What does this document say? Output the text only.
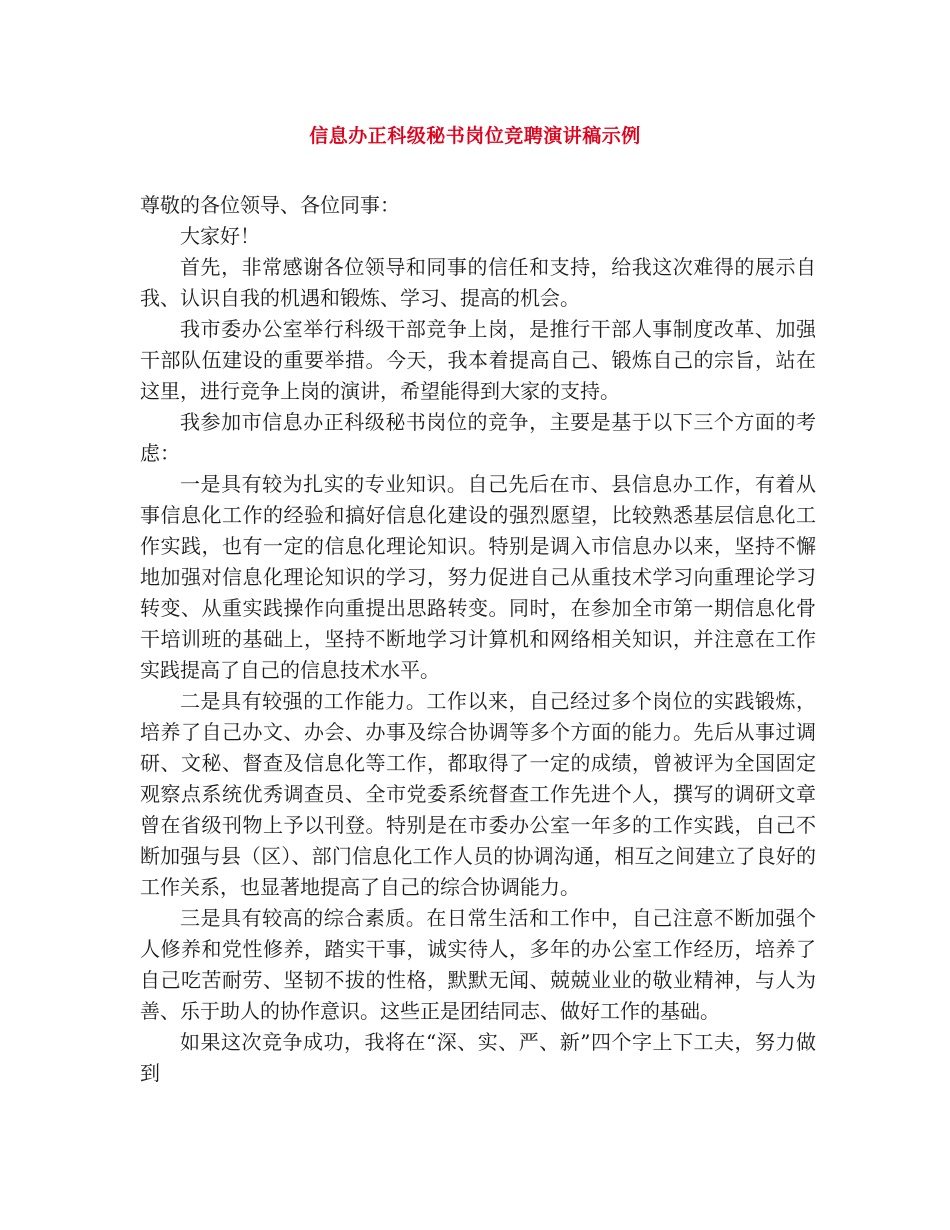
信息办正科级秘书岗位竞聘演讲稿示例

尊敬的各位领导、各位同事：

大家好！

首先，非常感谢各位领导和同事的信任和支持，给我这次难得的展示自我、认识自我的机遇和锻炼、学习、提高的机会。

我市委办公室举行科级干部竞争上岗，是推行干部人事制度改革、加强干部队伍建设的重要举措。今天，我本着提高自己、锻炼自己的宗旨，站在这里，进行竞争上岗的演讲，希望能得到大家的支持。

我参加市信息办正科级秘书岗位的竞争，主要是基于以下三个方面的考虑：

一是具有较为扎实的专业知识。自己先后在市、县信息办工作，有着从事信息化工作的经验和搞好信息化建设的强烈愿望，比较熟悉基层信息化工作实践，也有一定的信息化理论知识。特别是调入市信息办以来，坚持不懈地加强对信息化理论知识的学习，努力促进自己从重技术学习向重理论学习转变、从重实践操作向重提出思路转变。同时，在参加全市第一期信息化骨干培训班的基础上，坚持不断地学习计算机和网络相关知识，并注意在工作实践提高了自己的信息技术水平。

二是具有较强的工作能力。工作以来，自己经过多个岗位的实践锻炼，培养了自己办文、办会、办事及综合协调等多个方面的能力。先后从事过调研、文秘、督查及信息化等工作，都取得了一定的成绩，曾被评为全国固定观察点系统优秀调查员、全市党委系统督查工作先进个人，撰写的调研文章曾在省级刊物上予以刊登。特别是在市委办公室一年多的工作实践，自己不断加强与县（区）、部门信息化工作人员的协调沟通，相互之间建立了良好的工作关系，也显著地提高了自己的综合协调能力。

三是具有较高的综合素质。在日常生活和工作中，自己注意不断加强个人修养和党性修养，踏实干事，诚实待人，多年的办公室工作经历，培养了自己吃苦耐劳、坚韧不拔的性格，默默无闻、兢兢业业的敬业精神，与人为善、乐于助人的协作意识。这些正是团结同志、做好工作的基础。

如果这次竞争成功，我将在“深、实、严、新”四个字上下工夫，努力做到
